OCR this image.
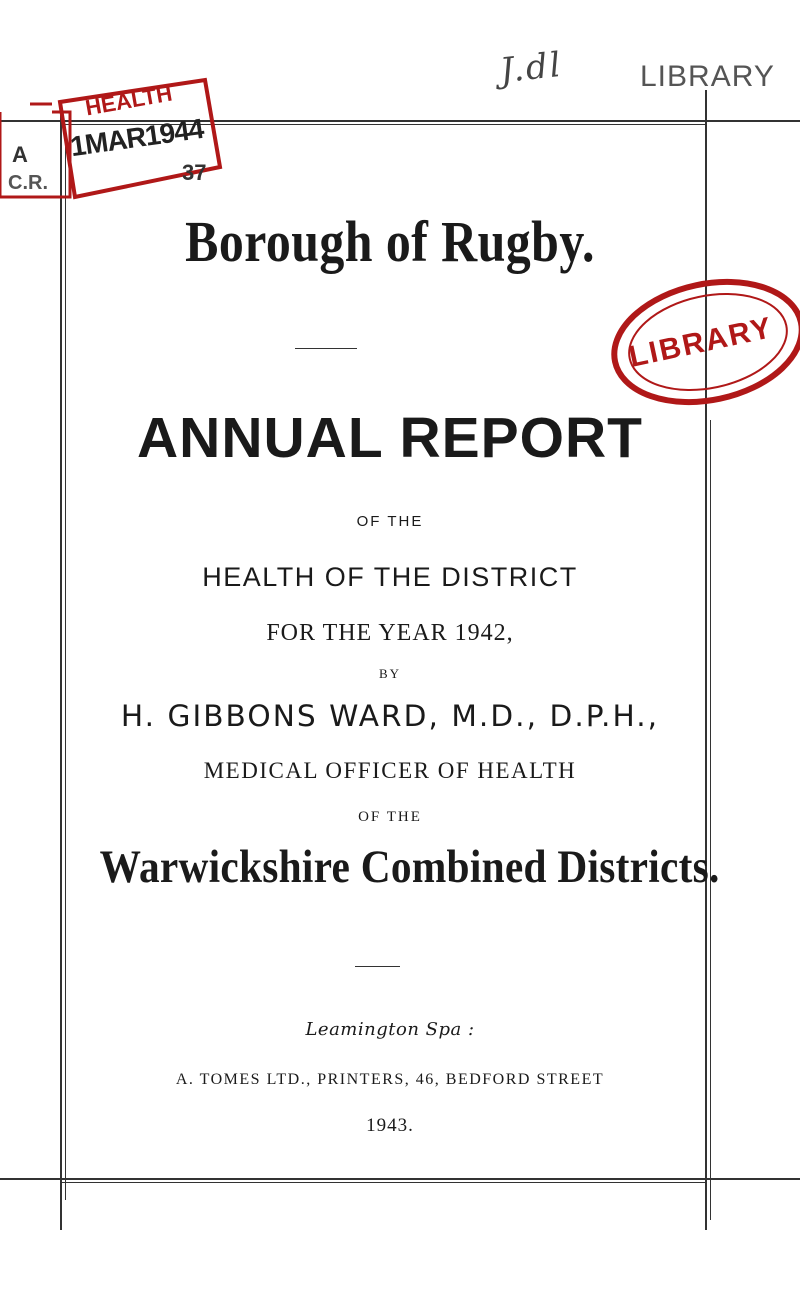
J.dl	LIBRARY
HEALTH
A
C.R.
1MAR1944
37
LIBRARY
Borough of Rugby.
ANNUAL REPORT
OF THE
HEALTH OF THE DISTRICT
FOR THE YEAR 1942,
BY
H. GIBBONS WARD, M.D., D.P.H.,
MEDICAL OFFICER OF HEALTH
OF THE
Warwickshire Combined Districts.
Leamington Spa :
A. TOMES LTD., PRINTERS, 46, BEDFORD STREET
1943.
